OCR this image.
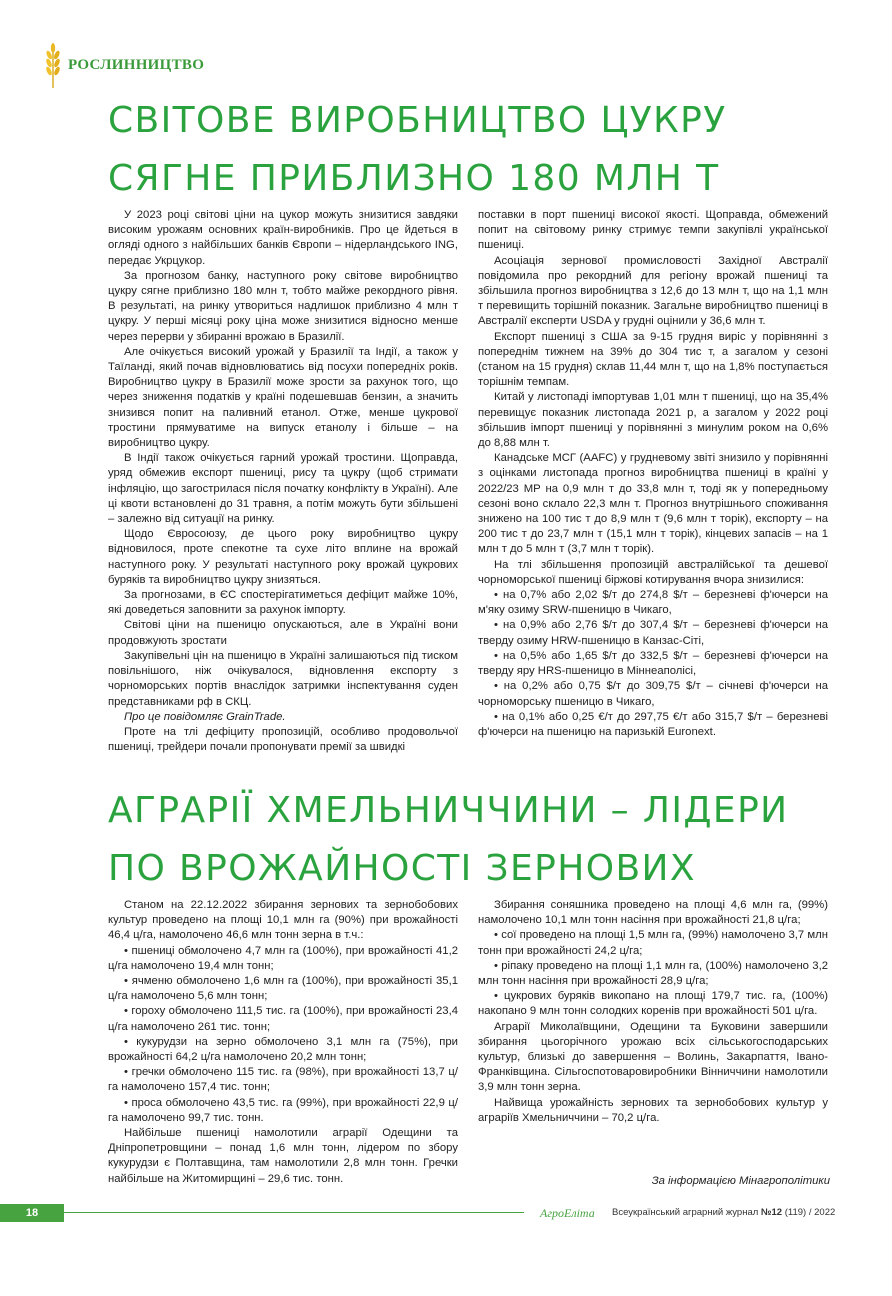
РОСЛИННИЦТВО
СВІТОВЕ ВИРОБНИЦТВО ЦУКРУ СЯГНЕ ПРИБЛИЗНО 180 МЛН Т

У 2023 році світові ціни на цукор можуть знизитися завдяки високим урожаям основних країн-виробників. Про це йдеться в огляді одного з найбільших банків Європи – нідерландського ING, передає Укрцукор.

За прогнозом банку, наступного року світове виробництво цукру сягне приблизно 180 млн т, тобто майже рекордного рівня. В результаті, на ринку утвориться надлишок приблизно 4 млн т цукру. У перші місяці року ціна може знизитися відносно менше через перерви у збиранні врожаю в Бразилії.

Але очікується високий урожай у Бразилії та Індії, а також у Таїланді, який почав відновлюватись від посухи попередніх років. Виробництво цукру в Бразилії може зрости за рахунок того, що через зниження податків у країні подешевшав бензин, а значить знизився попит на паливний етанол. Отже, менше цукрової тростини прямуватиме на випуск етанолу і більше – на виробництво цукру.

В Індії також очікується гарний урожай тростини. Щоправда, уряд обмежив експорт пшениці, рису та цукру (щоб стримати інфляцію, що загострилася після початку конфлікту в Україні). Але ці квоти встановлені до 31 травня, а потім можуть бути збільшені – залежно від ситуації на ринку.

Щодо Євросоюзу, де цього року виробництво цукру відновилося, проте спекотне та сухе літо вплине на врожай наступного року. У результаті наступного року врожай цукрових буряків та виробництво цукру знизяться.

За прогнозами, в ЄС спостерігатиметься дефіцит майже 10%, які доведеться заповнити за рахунок імпорту.

Світові ціни на пшеницю опускаються, але в Україні вони продовжують зростати

Закупівельні цін на пшеницю в Україні залишаються під тиском повільнішого, ніж очікувалося, відновлення експорту з чорноморських портів внаслідок затримки інспектування суден представниками рф в СКЦ.

Про це повідомляє GrainTrade.

Проте на тлі дефіциту пропозицій, особливо продовольчої пшениці, трейдери почали пропонувати премії за швидкі

поставки в порт пшениці високої якості. Щоправда, обмежений попит на світовому ринку стримує темпи закупівлі української пшениці.

Асоціація зернової промисловості Західної Австралії повідомила про рекордний для регіону врожай пшениці та збільшила прогноз виробництва з 12,6 до 13 млн т, що на 1,1 млн т перевищить торішній показник. Загальне виробництво пшениці в Австралії експерти USDA у грудні оцінили у 36,6 млн т.

Експорт пшениці з США за 9-15 грудня виріс у порівнянні з попереднім тижнем на 39% до 304 тис т, а загалом у сезоні (станом на 15 грудня) склав 11,44 млн т, що на 1,8% поступається торішнім темпам.

Китай у листопаді імпортував 1,01 млн т пшениці, що на 35,4% перевищує показник листопада 2021 р, а загалом у 2022 році збільшив імпорт пшениці у порівнянні з минулим роком на 0,6% до 8,88 млн т.

Канадське МСГ (AAFC) у грудневому звіті знизило у порівнянні з оцінками листопада прогноз виробництва пшениці в країні у 2022/23 МР на 0,9 млн т до 33,8 млн т, тоді як у попередньому сезоні воно склало 22,3 млн т. Прогноз внутрішнього споживання знижено на 100 тис т до 8,9 млн т (9,6 млн т торік), експорту – на 200 тис т до 23,7 млн т (15,1 млн т торік), кінцевих запасів – на 1 млн т до 5 млн т (3,7 млн т торік).

На тлі збільшення пропозицій австралійської та дешевої чорноморської пшениці біржові котирування вчора знизилися:

• на 0,7% або 2,02 $/т до 274,8 $/т – березневі ф'ючерси на м'яку озиму SRW-пшеницю в Чикаго,

• на 0,9% або 2,76 $/т до 307,4 $/т – березневі ф'ючерси на тверду озиму HRW-пшеницю в Канзас-Сіті,

• на 0,5% або 1,65 $/т до 332,5 $/т – березневі ф'ючерси на тверду яру HRS-пшеницю в Міннеаполісі,

• на 0,2% або 0,75 $/т до 309,75 $/т – січневі ф'ючерси на чорноморську пшеницю в Чикаго,

• на 0,1% або 0,25 €/т до 297,75 €/т або 315,7 $/т – березневі ф'ючерси на пшеницю на паризькій Euronext.

АГРАРІЇ ХМЕЛЬНИЧЧИНИ – ЛІДЕРИ ПО ВРОЖАЙНОСТІ ЗЕРНОВИХ

Станом на 22.12.2022 збирання зернових та зернобобових культур проведено на площі 10,1 млн га (90%) при врожайності 46,4 ц/га, намолочено 46,6 млн тонн зерна в т.ч.:

• пшениці обмолочено 4,7 млн га (100%), при врожайності 41,2 ц/га намолочено 19,4 млн тонн;

• ячменю обмолочено 1,6 млн га (100%), при врожайності 35,1 ц/га намолочено 5,6 млн тонн;

• гороху обмолочено 111,5 тис. га (100%), при врожайності 23,4 ц/га намолочено 261 тис. тонн;

• кукурудзи на зерно обмолочено 3,1 млн га (75%), при врожайності 64,2 ц/га намолочено 20,2 млн тонн;

• гречки обмолочено 115 тис. га (98%), при врожайності 13,7 ц/га намолочено 157,4 тис. тонн;

• проса обмолочено 43,5 тис. га (99%), при врожайності 22,9 ц/га намолочено 99,7 тис. тонн.

Найбільше пшениці намолотили аграрії Одещини та Дніпропетровщини – понад 1,6 млн тонн, лідером по збору кукурудзи є Полтавщина, там намолотили 2,8 млн тонн. Гречки найбільше на Житомирщині – 29,6 тис. тонн.

Збирання соняшника проведено на площі 4,6 млн га, (99%) намолочено 10,1 млн тонн насіння при врожайності 21,8 ц/га;

• сої проведено на площі 1,5 млн га, (99%) намолочено 3,7 млн тонн при врожайності 24,2 ц/га;

• ріпаку проведено на площі 1,1 млн га, (100%) намолочено 3,2 млн тонн насіння при врожайності 28,9 ц/га;

• цукрових буряків викопано на площі 179,7 тис. га, (100%) накопано 9 млн тонн солодких коренів при врожайності 501 ц/га.

Аграрії Миколаївщини, Одещини та Буковини завершили збирання цьогорічного урожаю всіх сільськогосподарських культур, близькі до завершення – Волинь, Закарпаття, Івано-Франківщина. Сільгоспотоваровиробники Вінниччини намолотили 3,9 млн тонн зерна.

Найвища урожайність зернових та зернобобових культур у аграріїв Хмельниччини – 70,2 ц/га.

За інформацією Мінагрополітики
18	АгроЕліта Всеукраїнський аграрний журнал №12 (119) / 2022
